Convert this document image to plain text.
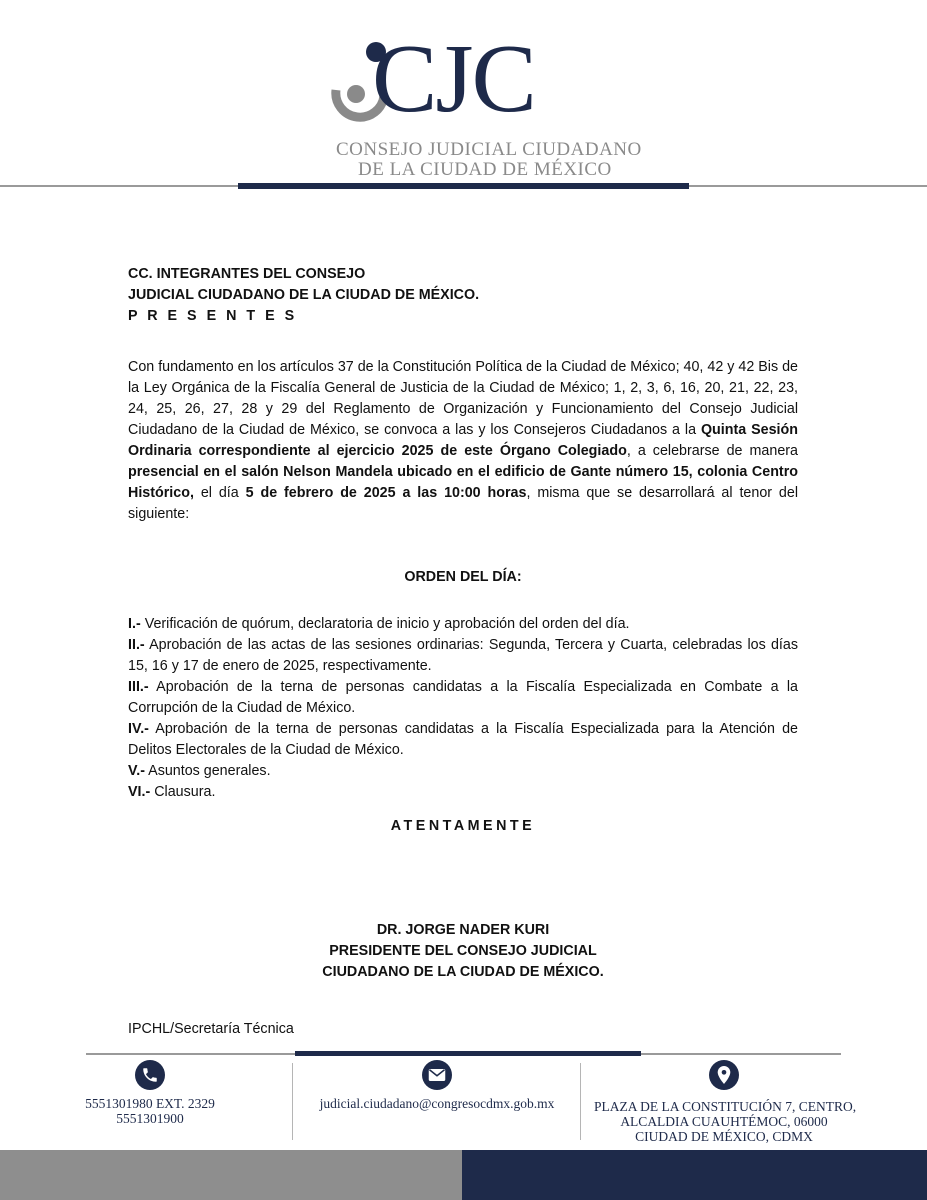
CJC
CONSEJO JUDICIAL CIUDADANO
DE LA CIUDAD DE MÉXICO
CC. INTEGRANTES DEL CONSEJO
JUDICIAL CIUDADANO DE LA CIUDAD DE MÉXICO.
P R E S E N T E S
Con fundamento en los artículos 37 de la Constitución Política de la Ciudad de México; 40, 42 y 42 Bis de la Ley Orgánica de la Fiscalía General de Justicia de la Ciudad de México; 1, 2, 3, 6, 16, 20, 21, 22, 23, 24, 25, 26, 27, 28 y 29 del Reglamento de Organización y Funcionamiento del Consejo Judicial Ciudadano de la Ciudad de México, se convoca a las y los Consejeros Ciudadanos a la Quinta Sesión Ordinaria correspondiente al ejercicio 2025 de este Órgano Colegiado, a celebrarse de manera presencial en el salón Nelson Mandela ubicado en el edificio de Gante número 15, colonia Centro Histórico, el día 5 de febrero de 2025 a las 10:00 horas, misma que se desarrollará al tenor del siguiente:
ORDEN DEL DÍA:

I.- Verificación de quórum, declaratoria de inicio y aprobación del orden del día.

II.- Aprobación de las actas de las sesiones ordinarias: Segunda, Tercera y Cuarta, celebradas los días 15, 16 y 17 de enero de 2025, respectivamente.

III.- Aprobación de la terna de personas candidatas a la Fiscalía Especializada en Combate a la Corrupción de la Ciudad de México.

IV.- Aprobación de la terna de personas candidatas a la Fiscalía Especializada para la Atención de Delitos Electorales de la Ciudad de México.

V.- Asuntos generales.

VI.- Clausura.

ATENTAMENTE
DR. JORGE NADER KURI
PRESIDENTE DEL CONSEJO JUDICIAL
CIUDADANO DE LA CIUDAD DE MÉXICO.
IPCHL/Secretaría Técnica
5551301980 EXT. 2329
5551301900
judicial.ciudadano@congresocdmx.gob.mx	PLAZA DE LA CONSTITUCIÓN 7, CENTRO,
ALCALDIA CUAUHTÉMOC, 06000
CIUDAD DE MÉXICO, CDMX
